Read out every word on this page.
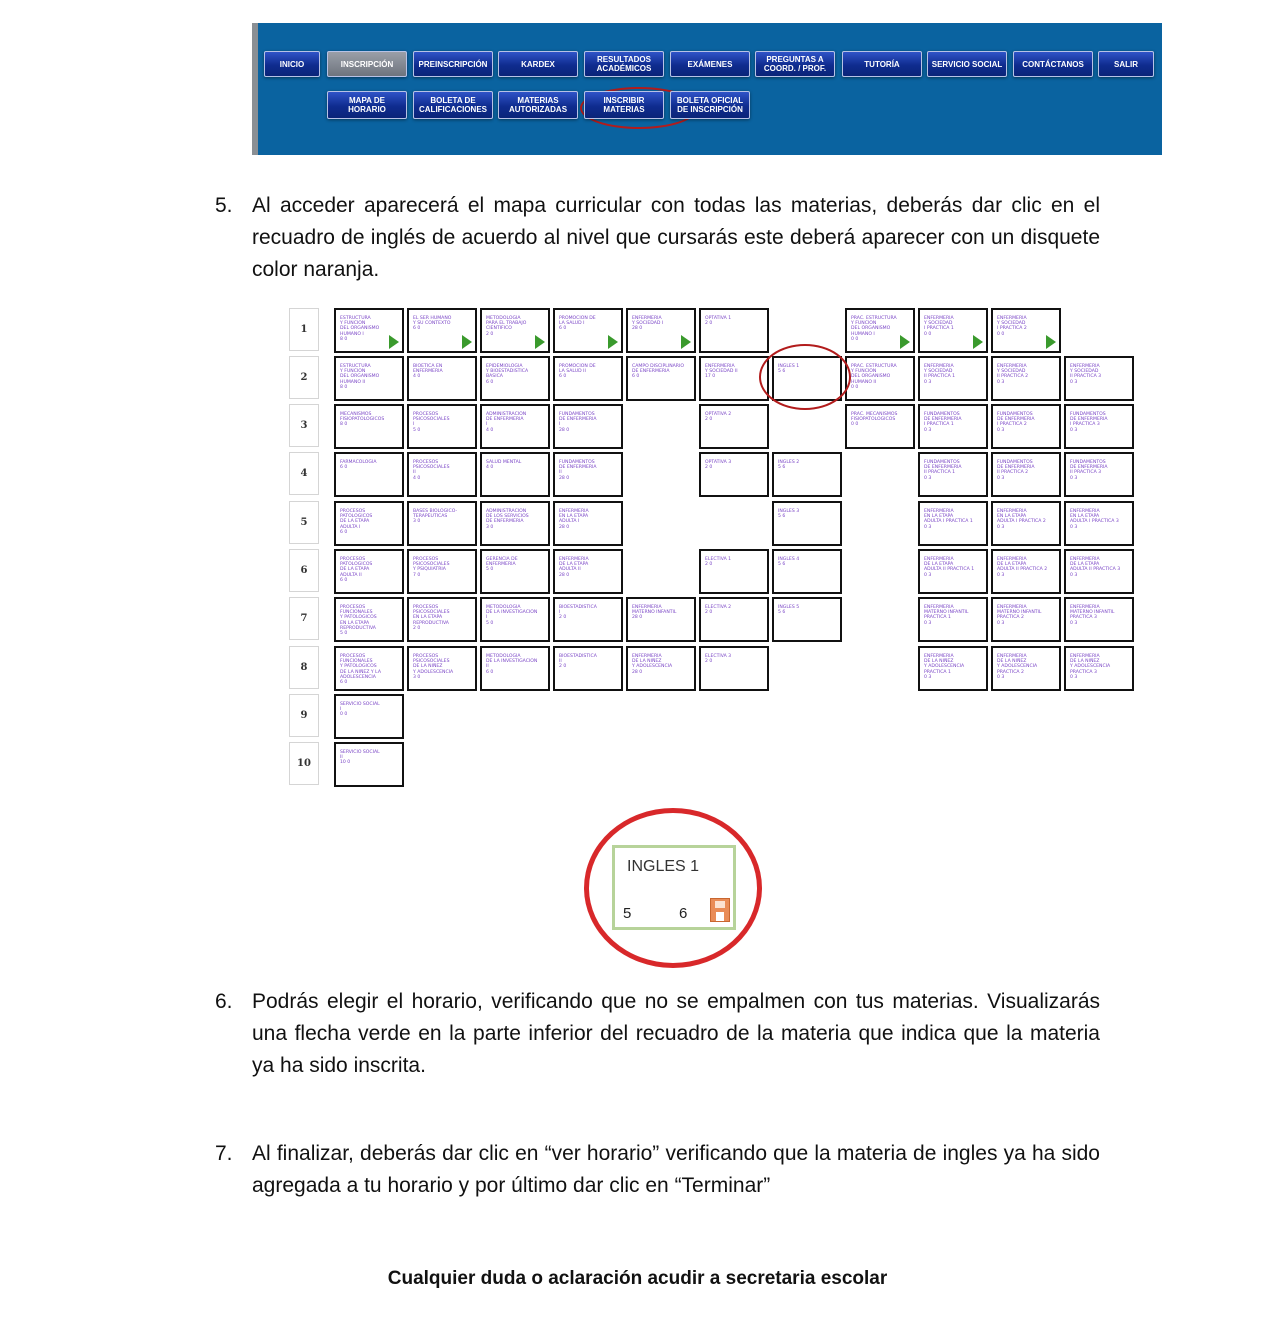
INICIO	INSCRIPCIÓN	PREINSCRIPCIÓN	KARDEX	RESULTADOS ACADÉMICOS	EXÁMENES	PREGUNTAS A COORD. / PROF.	TUTORÍA	SERVICIO SOCIAL CONTÁCTANOS	SALIR
MAPA DE HORARIO
BOLETA DE CALIFICACIONES
MATERIAS AUTORIZADAS
INSCRIBIR MATERIAS
BOLETA OFICIAL DE INSCRIPCIÓN
5. Al acceder aparecerá el mapa curricular con todas las materias, deberás dar clic en el recuadro de inglés de acuerdo al nivel que cursarás este deberá aparecer con un disquete color naranja.
1
ESTRUCTURA
Y FUNCION
DEL ORGANISMO
HUMANO I
8 0
EL SER HUMANO
Y SU CONTEXTO
6 0
METODOLOGIA
PARA EL TRABAJO
CIENTIFICO
2 0
PROMOCION DE
LA SALUD I
6 0
ENFERMERIA
Y SOCIEDAD I
28 0
OPTATIVA 1
2 0
PRAC. ESTRUCTURA
Y FUNCION
DEL ORGANISMO
HUMANO I
0 0
ENFERMERIA
Y SOCIEDAD
I PRACTICA 1
0 0
ENFERMERIA
Y SOCIEDAD
I PRACTICA 2
0 0
2
ESTRUCTURA
Y FUNCION
DEL ORGANISMO
HUMANO II
8 0
BIOETICA EN
ENFERMERIA
4 0
EPIDEMIOLOGIA
Y BIOESTADISTICA
BASICA
6 0
PROMOCION DE
LA SALUD II
6 0
CAMPO DISCIPLINARIO
DE ENFERMERIA
6 0
ENFERMERIA
Y SOCIEDAD II
17 0
INGLES 1
5 6
PRAC. ESTRUCTURA
Y FUNCION
DEL ORGANISMO
HUMANO II
0 0
ENFERMERIA
Y SOCIEDAD
II PRACTICA 1
0 3
ENFERMERIA
Y SOCIEDAD
II PRACTICA 2
0 3
ENFERMERIA
Y SOCIEDAD
II PRACTICA 3
0 3
3
MECANISMOS
FISIOPATOLOGICOS
8 0
PROCESOS
PSICOSOCIALES
I
5 0
ADMINISTRACION
DE ENFERMERIA
I
4 0
FUNDAMENTOS
DE ENFERMERIA
I
28 0
OPTATIVA 2
2 0
PRAC. MECANISMOS
FISIOPATOLOGICOS
0 0
FUNDAMENTOS
DE ENFERMERIA
I PRACTICA 1
0 3
FUNDAMENTOS
DE ENFERMERIA
I PRACTICA 2
0 3
FUNDAMENTOS
DE ENFERMERIA
I PRACTICA 3
0 3
4
FARMACOLOGIA
6 0
PROCESOS
PSICOSOCIALES
II
4 0
SALUD MENTAL
4 0
FUNDAMENTOS
DE ENFERMERIA
II
28 0
OPTATIVA 3
2 0
INGLES 2
5 6
FUNDAMENTOS
DE ENFERMERIA
II PRACTICA 1
0 3
FUNDAMENTOS
DE ENFERMERIA
II PRACTICA 2
0 3
FUNDAMENTOS
DE ENFERMERIA
II PRACTICA 3
0 3
5
PROCESOS
PATOLOGICOS
DE LA ETAPA
ADULTA I
6 0
BASES BIOLOGICO-
TERAPEUTICAS
3 0
ADMINISTRACION
DE LOS SERVICIOS
DE ENFERMERIA
3 0
ENFERMERIA
EN LA ETAPA
ADULTA I
28 0
INGLES 3
5 6
ENFERMERIA
EN LA ETAPA
ADULTA I PRACTICA 1
0 3
ENFERMERIA
EN LA ETAPA
ADULTA I PRACTICA 2
0 3
ENFERMERIA
EN LA ETAPA
ADULTA I PRACTICA 3
0 3
6
PROCESOS
PATOLOGICOS
DE LA ETAPA
ADULTA II
6 0
PROCESOS
PSICOSOCIALES
Y PSIQUIATRIA
7 0
GERENCIA DE
ENFERMERIA
5 0
ENFERMERIA
DE LA ETAPA
ADULTA II
28 0
ELECTIVA 1
2 0
INGLES 4
5 6
ENFERMERIA
DE LA ETAPA
ADULTA II PRACTICA 1
0 3
ENFERMERIA
DE LA ETAPA
ADULTA II PRACTICA 2
0 3
ENFERMERIA
DE LA ETAPA
ADULTA II PRACTICA 3
0 3
7
PROCESOS
FUNCIONALES
Y PATOLOGICOS
EN LA ETAPA
REPRODUCTIVA
5 0
PROCESOS
PSICOSOCIALES
EN LA ETAPA
REPRODUCTIVA
2 0
METODOLOGIA
DE LA INVESTIGACION
I
5 0
BIOESTADISTICA
I
2 0
ENFERMERIA
MATERNO INFANTIL
28 0
ELECTIVA 2
2 0
INGLES 5
5 6
ENFERMERIA
MATERNO INFANTIL
PRACTICA 1
0 3
ENFERMERIA
MATERNO INFANTIL
PRACTICA 2
0 3
ENFERMERIA
MATERNO INFANTIL
PRACTICA 3
0 3
8
PROCESOS
FUNCIONALES
Y PATOLOGICOS
DE LA NIÑEZ Y LA
ADOLESCENCIA
6 0
PROCESOS
PSICOSOCIALES
DE LA NIÑEZ
Y ADOLESCENCIA
3 0
METODOLOGIA
DE LA INVESTIGACION
II
6 0
BIOESTADISTICA
II
2 0
ENFERMERIA
DE LA NIÑEZ
Y ADOLESCENCIA
28 0
ELECTIVA 3
2 0
ENFERMERIA
DE LA NIÑEZ
Y ADOLESCENCIA
PRACTICA 1
0 3
ENFERMERIA
DE LA NIÑEZ
Y ADOLESCENCIA
PRACTICA 2
0 3
ENFERMERIA
DE LA NIÑEZ
Y ADOLESCENCIA
PRACTICA 3
0 3
9
SERVICIO SOCIAL
I
0 0
10
SERVICIO SOCIAL
II
10 0
INGLES 1
5	6
6. Podrás elegir el horario, verificando que no se empalmen con tus materias. Visualizarás una flecha verde en la parte inferior del recuadro de la materia que indica que la materia ya ha sido inscrita.
7. Al finalizar, deberás dar clic en “ver horario” verificando que la materia de ingles ya ha sido agregada a tu horario y por último dar clic en “Terminar”
Cualquier duda o aclaración acudir a secretaria escolar
